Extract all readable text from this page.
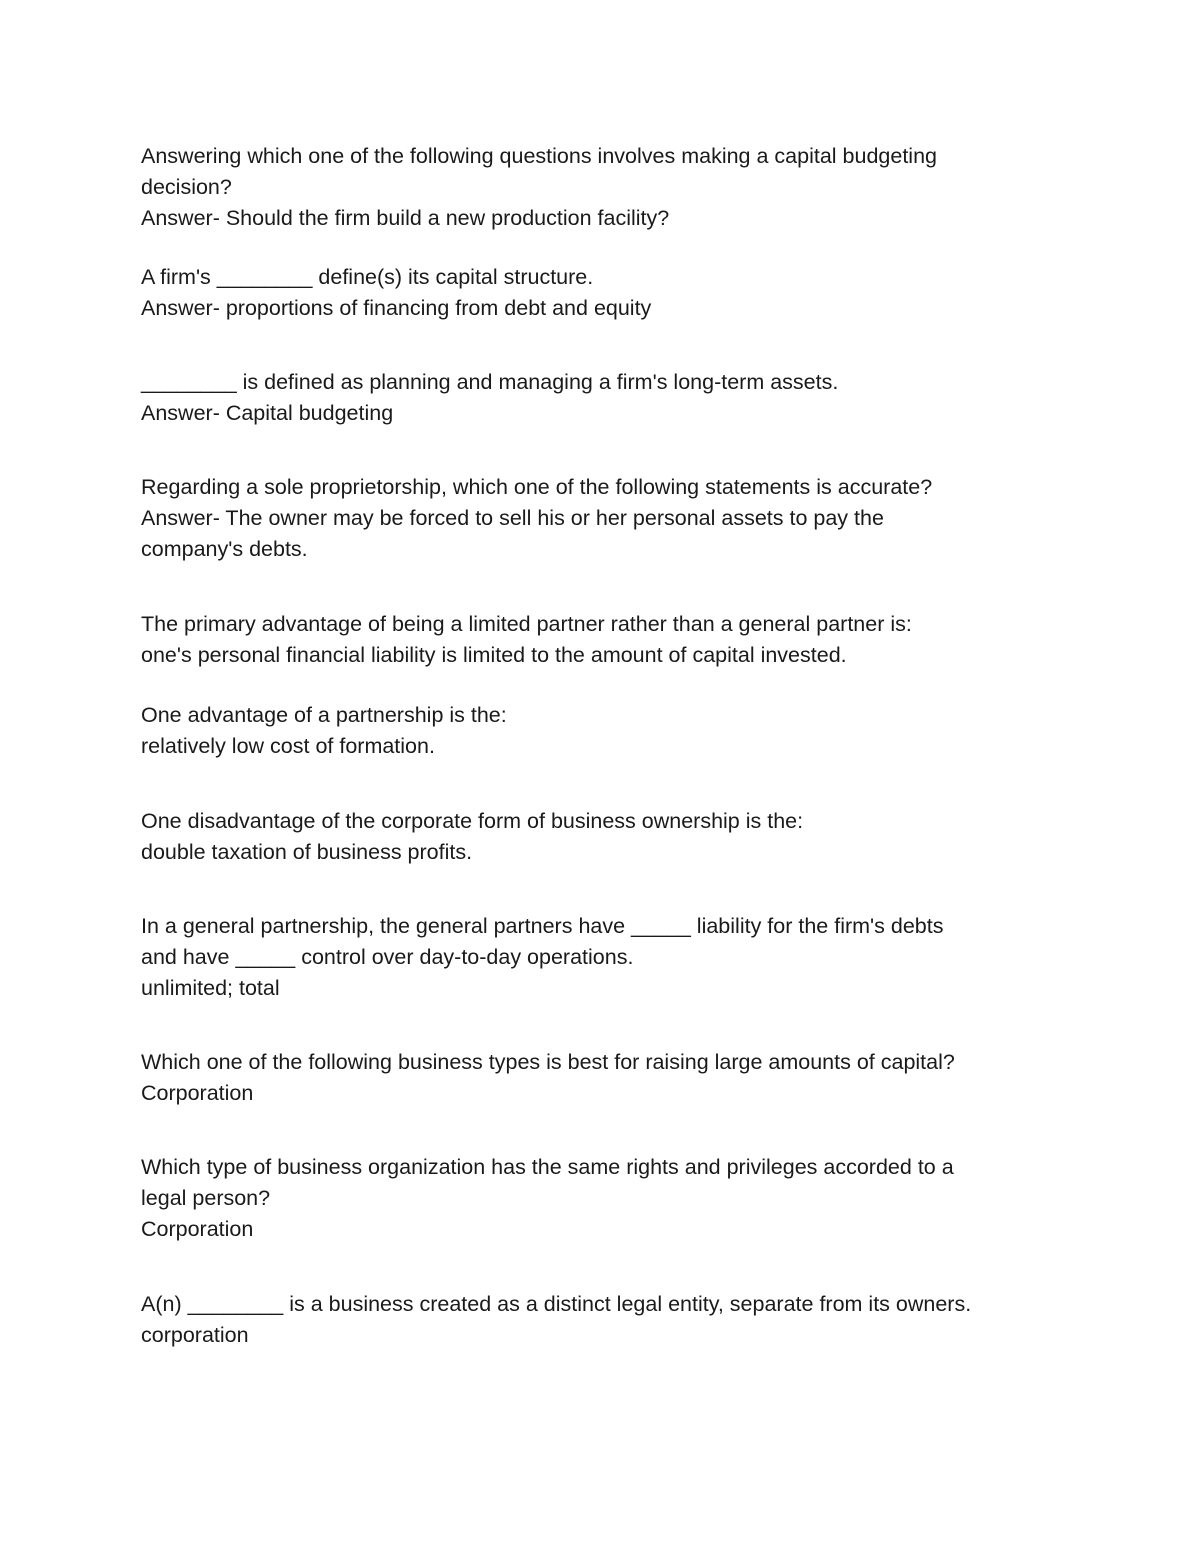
Answering which one of the following questions involves making a capital budgeting

decision?

Answer- Should the firm build a new production facility?

A firm's ________ define(s) its capital structure.

Answer- proportions of financing from debt and equity

________ is defined as planning and managing a firm's long-term assets.

Answer- Capital budgeting

Regarding a sole proprietorship, which one of the following statements is accurate?

Answer- The owner may be forced to sell his or her personal assets to pay the

company's debts.

The primary advantage of being a limited partner rather than a general partner is:

one's personal financial liability is limited to the amount of capital invested.

One advantage of a partnership is the:

relatively low cost of formation.

One disadvantage of the corporate form of business ownership is the:

double taxation of business profits.

In a general partnership, the general partners have _____ liability for the firm's debts

and have _____ control over day-to-day operations.

unlimited; total

Which one of the following business types is best for raising large amounts of capital?

Corporation

Which type of business organization has the same rights and privileges accorded to a

legal person?

Corporation

A(n) ________ is a business created as a distinct legal entity, separate from its owners.

corporation
